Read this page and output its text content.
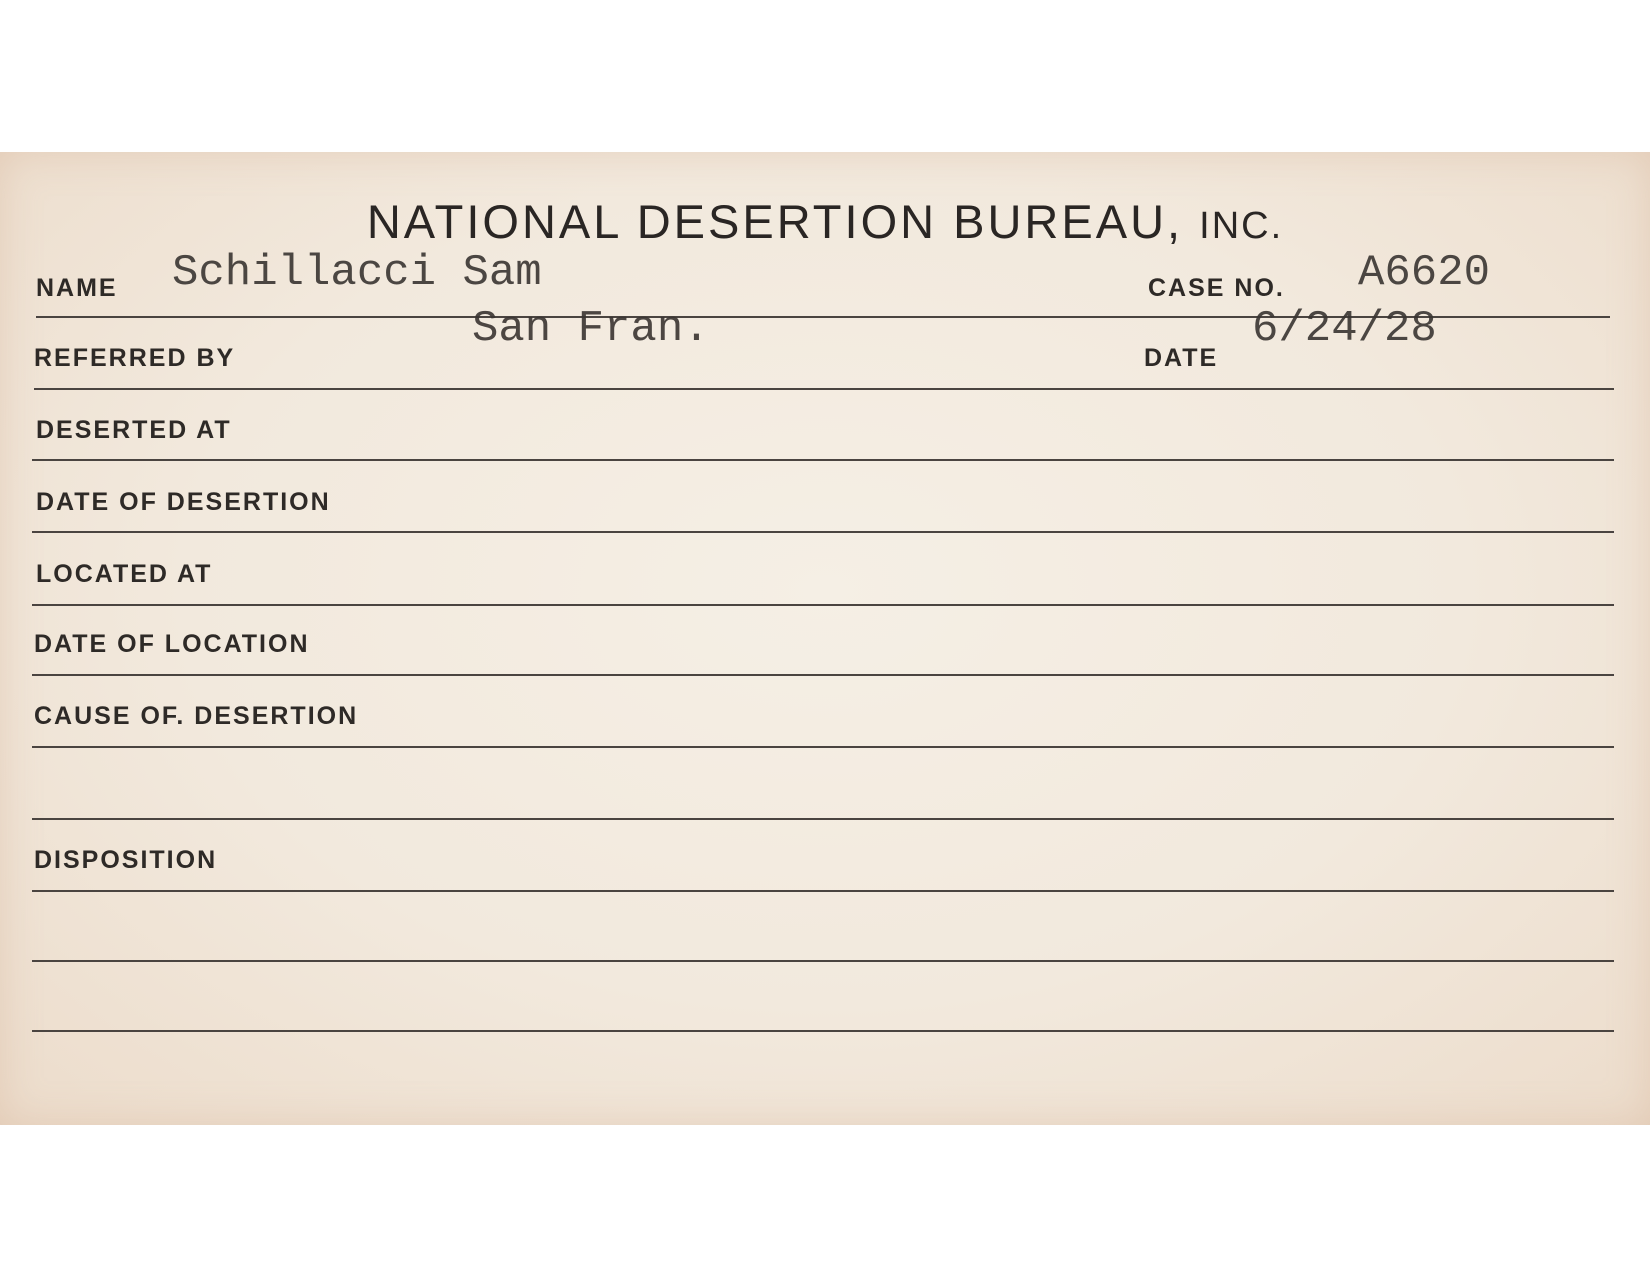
NATIONAL DESERTION BUREAU, INC.
NAME Schillacci Sam	CASE NO. A6620
REFERRED BY
San Fran.
DATE
6/24/28
DESERTED AT
DATE OF DESERTION
LOCATED AT
DATE OF LOCATION
CAUSE OF. DESERTION
DISPOSITION
